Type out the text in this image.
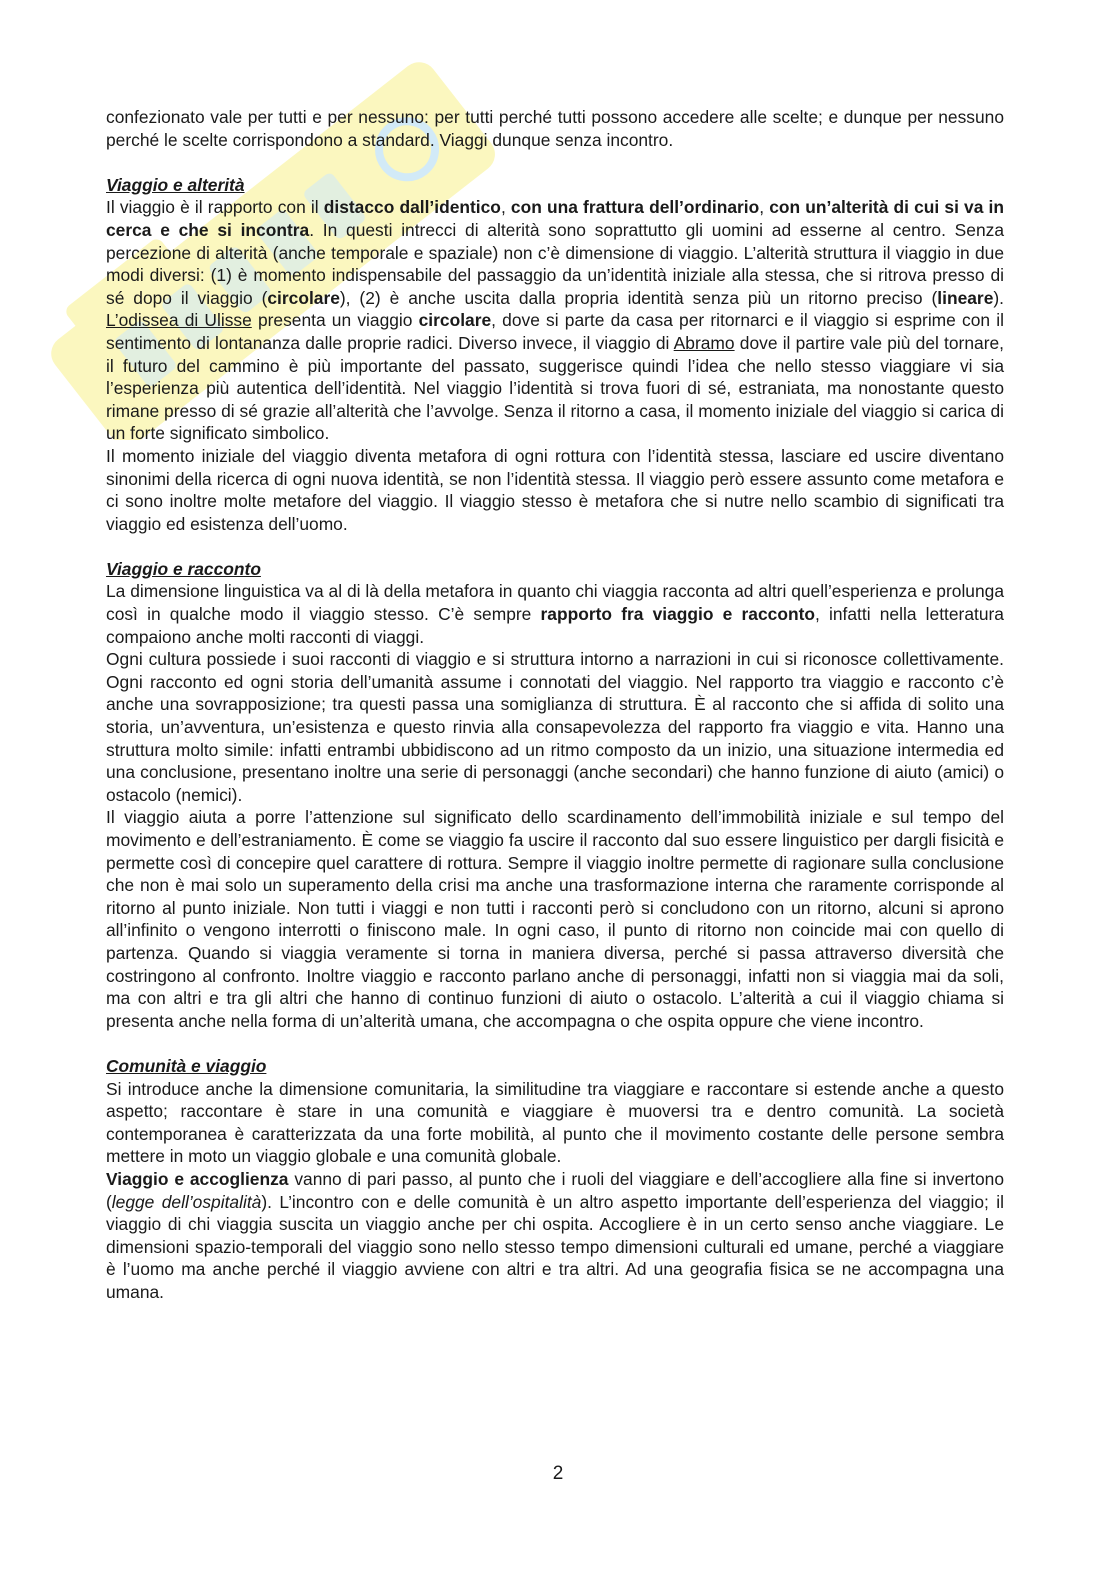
confezionato vale per tutti e per nessuno: per tutti perché tutti possono accedere alle scelte; e dunque per nessuno perché le scelte corrispondono a standard. Viaggi dunque senza incontro.

Viaggio e alterità

Il viaggio è il rapporto con il distacco dall’identico, con una frattura dell’ordinario, con un’alterità di cui si va in cerca e che si incontra. In questi intrecci di alterità sono soprattutto gli uomini ad esserne al centro. Senza percezione di alterità (anche temporale e spaziale) non c’è dimensione di viaggio. L’alterità struttura il viaggio in due modi diversi: (1) è momento indispensabile del passaggio da un’identità iniziale alla stessa, che si ritrova presso di sé dopo il viaggio (circolare), (2) è anche uscita dalla propria identità senza più un ritorno preciso (lineare). L’odissea di Ulisse presenta un viaggio circolare, dove si parte da casa per ritornarci e il viaggio si esprime con il sentimento di lontananza dalle proprie radici. Diverso invece, il viaggio di Abramo dove il partire vale più del tornare, il futuro del cammino è più importante del passato, suggerisce quindi l’idea che nello stesso viaggiare vi sia l’esperienza più autentica dell’identità. Nel viaggio l’identità si trova fuori di sé, estraniata, ma nonostante questo rimane presso di sé grazie all’alterità che l’avvolge. Senza il ritorno a casa, il momento iniziale del viaggio si carica di un forte significato simbolico.

Il momento iniziale del viaggio diventa metafora di ogni rottura con l’identità stessa, lasciare ed uscire diventano sinonimi della ricerca di ogni nuova identità, se non l’identità stessa. Il viaggio però essere assunto come metafora e ci sono inoltre molte metafore del viaggio. Il viaggio stesso è metafora che si nutre nello scambio di significati tra viaggio ed esistenza dell’uomo.

Viaggio e racconto

La dimensione linguistica va al di là della metafora in quanto chi viaggia racconta ad altri quell’esperienza e prolunga così in qualche modo il viaggio stesso. C’è sempre rapporto fra viaggio e racconto, infatti nella letteratura compaiono anche molti racconti di viaggi.

Ogni cultura possiede i suoi racconti di viaggio e si struttura intorno a narrazioni in cui si riconosce collettivamente. Ogni racconto ed ogni storia dell’umanità assume i connotati del viaggio. Nel rapporto tra viaggio e racconto c’è anche una sovrapposizione; tra questi passa una somiglianza di struttura. È al racconto che si affida di solito una storia, un’avventura, un’esistenza e questo rinvia alla consapevolezza del rapporto fra viaggio e vita. Hanno una struttura molto simile: infatti entrambi ubbidiscono ad un ritmo composto da un inizio, una situazione intermedia ed una conclusione, presentano inoltre una serie di personaggi (anche secondari) che hanno funzione di aiuto (amici) o ostacolo (nemici).

Il viaggio aiuta a porre l’attenzione sul significato dello scardinamento dell’immobilità iniziale e sul tempo del movimento e dell’estraniamento. È come se viaggio fa uscire il racconto dal suo essere linguistico per dargli fisicità e permette così di concepire quel carattere di rottura. Sempre il viaggio inoltre permette di ragionare sulla conclusione che non è mai solo un superamento della crisi ma anche una trasformazione interna che raramente corrisponde al ritorno al punto iniziale. Non tutti i viaggi e non tutti i racconti però si concludono con un ritorno, alcuni si aprono all’infinito o vengono interrotti o finiscono male. In ogni caso, il punto di ritorno non coincide mai con quello di partenza. Quando si viaggia veramente si torna in maniera diversa, perché si passa attraverso diversità che costringono al confronto. Inoltre viaggio e racconto parlano anche di personaggi, infatti non si viaggia mai da soli, ma con altri e tra gli altri che hanno di continuo funzioni di aiuto o ostacolo. L’alterità a cui il viaggio chiama si presenta anche nella forma di un’alterità umana, che accompagna o che ospita oppure che viene incontro.

Comunità e viaggio

Si introduce anche la dimensione comunitaria, la similitudine tra viaggiare e raccontare si estende anche a questo aspetto; raccontare è stare in una comunità e viaggiare è muoversi tra e dentro comunità. La società contemporanea è caratterizzata da una forte mobilità, al punto che il movimento costante delle persone sembra mettere in moto un viaggio globale e una comunità globale.

Viaggio e accoglienza vanno di pari passo, al punto che i ruoli del viaggiare e dell’accogliere alla fine si invertono (legge dell’ospitalità). L’incontro con e delle comunità è un altro aspetto importante dell’esperienza del viaggio; il viaggio di chi viaggia suscita un viaggio anche per chi ospita. Accogliere è in un certo senso anche viaggiare. Le dimensioni spazio-temporali del viaggio sono nello stesso tempo dimensioni culturali ed umane, perché a viaggiare è l’uomo ma anche perché il viaggio avviene con altri e tra altri. Ad una geografia fisica se ne accompagna una umana.

2
